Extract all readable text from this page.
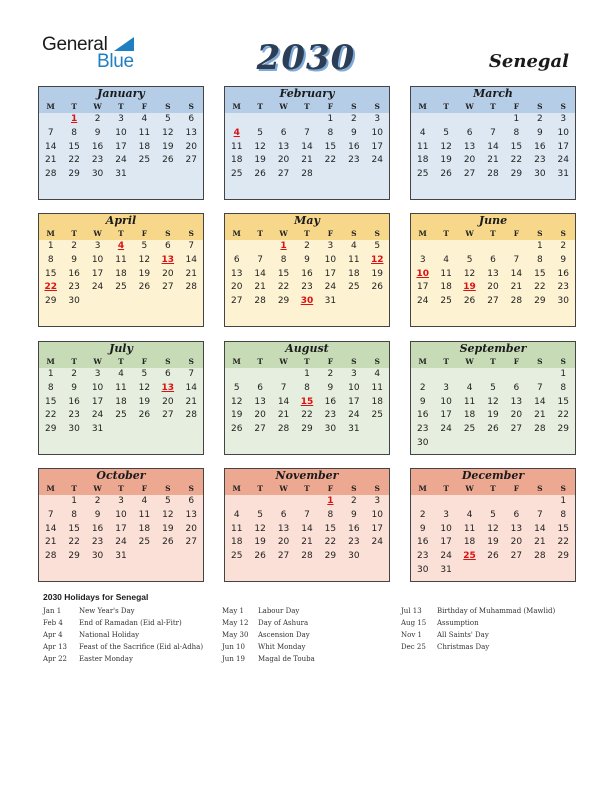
General
Blue	2030	Senegal
January
M	T	W	T	F	S	S
	1	2	3	4	5	6
7	8	9	10	11	12	13
14	15	16	17	18	19	20
21	22	23	24	25	26	27
28	29	30	31			
February
M	T	W	T	F	S	S
				1	2	3
4	5	6	7	8	9	10
11	12	13	14	15	16	17
18	19	20	21	22	23	24
25	26	27	28			
March
M	T	W	T	F	S	S
				1	2	3
4	5	6	7	8	9	10
11	12	13	14	15	16	17
18	19	20	21	22	23	24
25	26	27	28	29	30	31
April
M	T	W	T	F	S	S
1	2	3	4	5	6	7
8	9	10	11	12	13	14
15	16	17	18	19	20	21
22	23	24	25	26	27	28
29	30					
May
M	T	W	T	F	S	S
		1	2	3	4	5
6	7	8	9	10	11	12
13	14	15	16	17	18	19
20	21	22	23	24	25	26
27	28	29	30	31		
June
M	T	W	T	F	S	S
					1	2
3	4	5	6	7	8	9
10	11	12	13	14	15	16
17	18	19	20	21	22	23
24	25	26	27	28	29	30
July
M	T	W	T	F	S	S
1	2	3	4	5	6	7
8	9	10	11	12	13	14
15	16	17	18	19	20	21
22	23	24	25	26	27	28
29	30	31				
August
M	T	W	T	F	S	S
			1	2	3	4
5	6	7	8	9	10	11
12	13	14	15	16	17	18
19	20	21	22	23	24	25
26	27	28	29	30	31	
September
M	T	W	T	F	S	S
						1
2	3	4	5	6	7	8
9	10	11	12	13	14	15
16	17	18	19	20	21	22
23	24	25	26	27	28	29
30						
October
M	T	W	T	F	S	S
	1	2	3	4	5	6
7	8	9	10	11	12	13
14	15	16	17	18	19	20
21	22	23	24	25	26	27
28	29	30	31			
November
M	T	W	T	F	S	S
				1	2	3
4	5	6	7	8	9	10
11	12	13	14	15	16	17
18	19	20	21	22	23	24
25	26	27	28	29	30	
December
M	T	W	T	F	S	S
						1
2	3	4	5	6	7	8
9	10	11	12	13	14	15
16	17	18	19	20	21	22
23	24	25	26	27	28	29
30	31					
2030 Holidays for Senegal
Jan 1	New Year's Day
Feb 4 End of Ramadan (Eid al-Fitr)
Apr 4 National Holiday
Apr 13 Feast of the Sacrifice (Eid al-Adha)
Apr 22 Easter Monday
May 1 Labour Day
May 12 Day of Ashura
May 30 Ascension Day
Jun 10 Whit Monday
Jun 19 Magal de Touba
Jul 13 Birthday of Muhammad (Mawlid)
Aug 15 Assumption
Nov 1 All Saints' Day
Dec 25 Christmas Day
